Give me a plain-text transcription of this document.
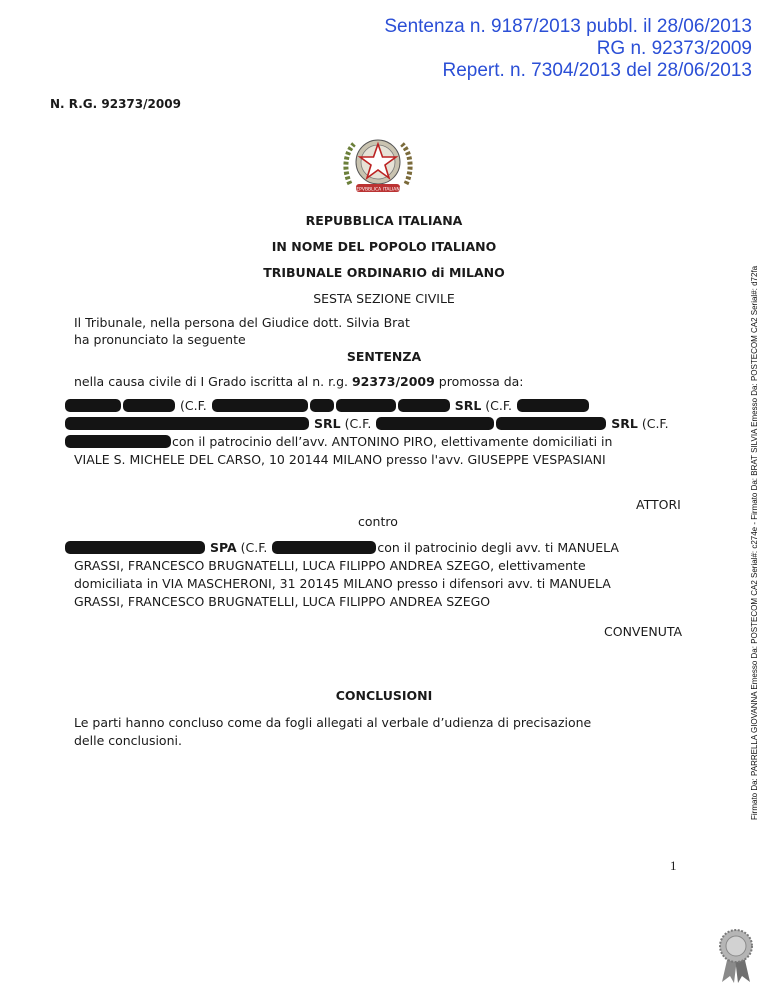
Sentenza n. 9187/2013 pubbl. il 28/06/2013
RG n. 92373/2009
Repert. n. 7304/2013 del 28/06/2013
N. R.G. 92373/2009
REPVBBLICA ITALIANA
REPUBBLICA ITALIANA
IN NOME DEL POPOLO ITALIANO
TRIBUNALE ORDINARIO di MILANO
SESTA SEZIONE CIVILE
Il Tribunale, nella persona del Giudice dott. Silvia Brat
ha pronunciato la seguente
SENTENZA
nella causa civile di I Grado iscritta al n. r.g. 92373/2009 promossa da:
(C.F.	SRL (C.F.
SRL (C.F.	SRL (C.F.
con il patrocinio dell’avv. ANTONINO PIRO, elettivamente domiciliati in
VIALE S. MICHELE DEL CARSO, 10 20144 MILANO presso l'avv. GIUSEPPE VESPASIANI
ATTORI
contro
SPA (C.F.	con il patrocinio degli avv. ti MANUELA
GRASSI, FRANCESCO BRUGNATELLI, LUCA FILIPPO ANDREA SZEGO, elettivamente
domiciliata in VIA MASCHERONI, 31 20145 MILANO presso i difensori avv. ti MANUELA
GRASSI, FRANCESCO BRUGNATELLI, LUCA FILIPPO ANDREA SZEGO
CONVENUTA
CONCLUSIONI
Le parti hanno concluso come da fogli allegati al verbale d’udienza di precisazione
delle conclusioni.
1
Firmato Da: PARRELLA GIOVANNA Emesso Da: POSTECOM CA2 Serial#: c274e - Firmato Da: BRAT SILVIA Emesso Da: POSTECOM CA2 Serial#: d72fa
